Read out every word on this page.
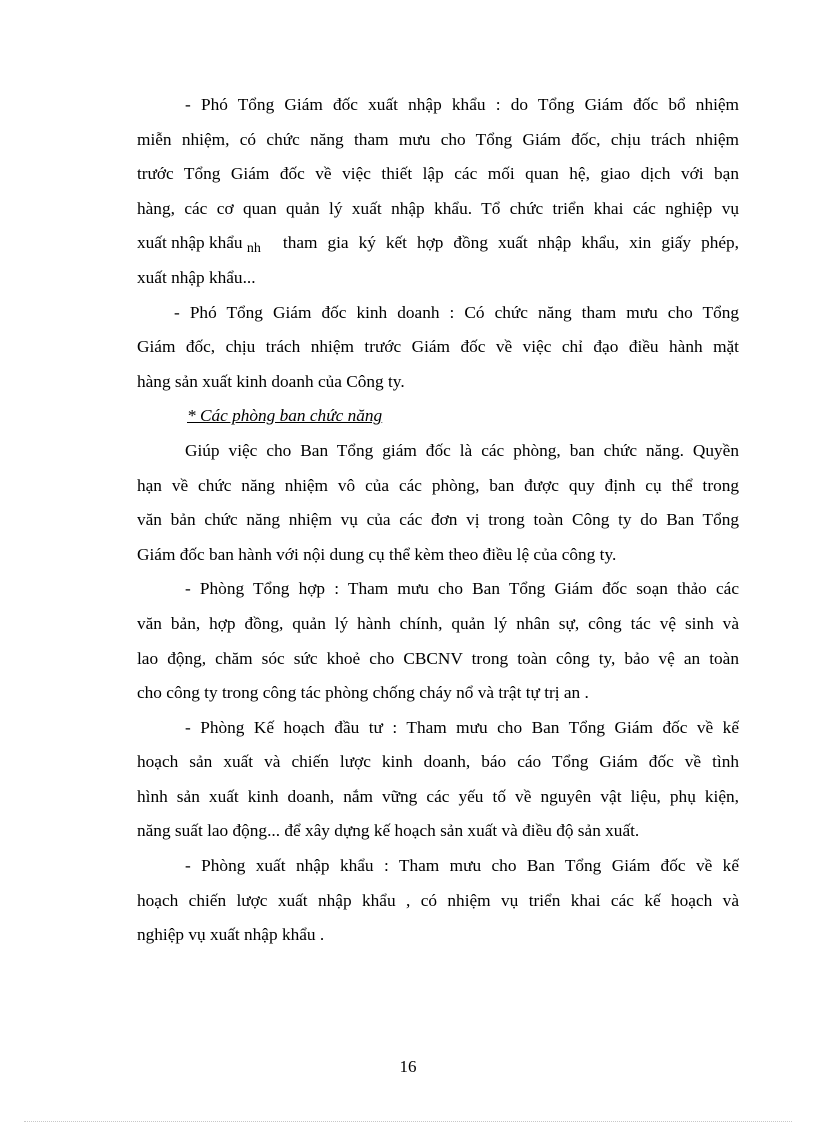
- Phó Tổng Giám đốc xuất nhập khẩu : do Tổng Giám đốc bổ nhiệm
miễn nhiệm, có chức năng tham mưu cho Tổng Giám đốc, chịu trách nhiệm
trước Tổng Giám đốc về việc thiết lập các mối quan hệ, giao dịch với bạn
hàng, các cơ quan quản lý xuất nhập khẩu. Tổ chức triển khai các nghiệp vụ
xuất nhập khẩu $_{nh}$ tham gia ký kết hợp đồng xuất nhập khẩu, xin giấy phép,
xuất nhập khẩu...
- Phó Tổng Giám đốc kinh doanh : Có chức năng tham mưu cho Tổng
Giám đốc, chịu trách nhiệm trước Giám đốc về việc chỉ đạo điều hành mặt
hàng sản xuất kinh doanh của Công ty.
* Các phòng ban chức năng
Giúp việc cho Ban Tổng giám đốc là các phòng, ban chức năng. Quyền
hạn về chức năng nhiệm vô của các phòng, ban được quy định cụ thể trong
văn bản chức năng nhiệm vụ của các đơn vị trong toàn Công ty do Ban Tổng
Giám đốc ban hành với nội dung cụ thể kèm theo điều lệ của công ty.
- Phòng Tổng hợp : Tham mưu cho Ban Tổng Giám đốc soạn thảo các
văn bản, hợp đồng, quản lý hành chính, quản lý nhân sự, công tác vệ sinh và
lao động, chăm sóc sức khoẻ cho CBCNV trong toàn công ty, bảo vệ an toàn
cho công ty trong công tác phòng chống cháy nổ và trật tự trị an .
- Phòng Kế hoạch đầu tư : Tham mưu cho Ban Tổng Giám đốc về kế
hoạch sản xuất và chiến lược kinh doanh, báo cáo Tổng Giám đốc về tình
hình sản xuất kinh doanh, nắm vững các yếu tố về nguyên vật liệu, phụ kiện,
năng suất lao động... để xây dựng kế hoạch sản xuất và điều độ sản xuất.
- Phòng xuất nhập khẩu : Tham mưu cho Ban Tổng Giám đốc về kế
hoạch chiến lược xuất nhập khẩu , có nhiệm vụ triển khai các kế hoạch và
nghiệp vụ xuất nhập khẩu .
16
